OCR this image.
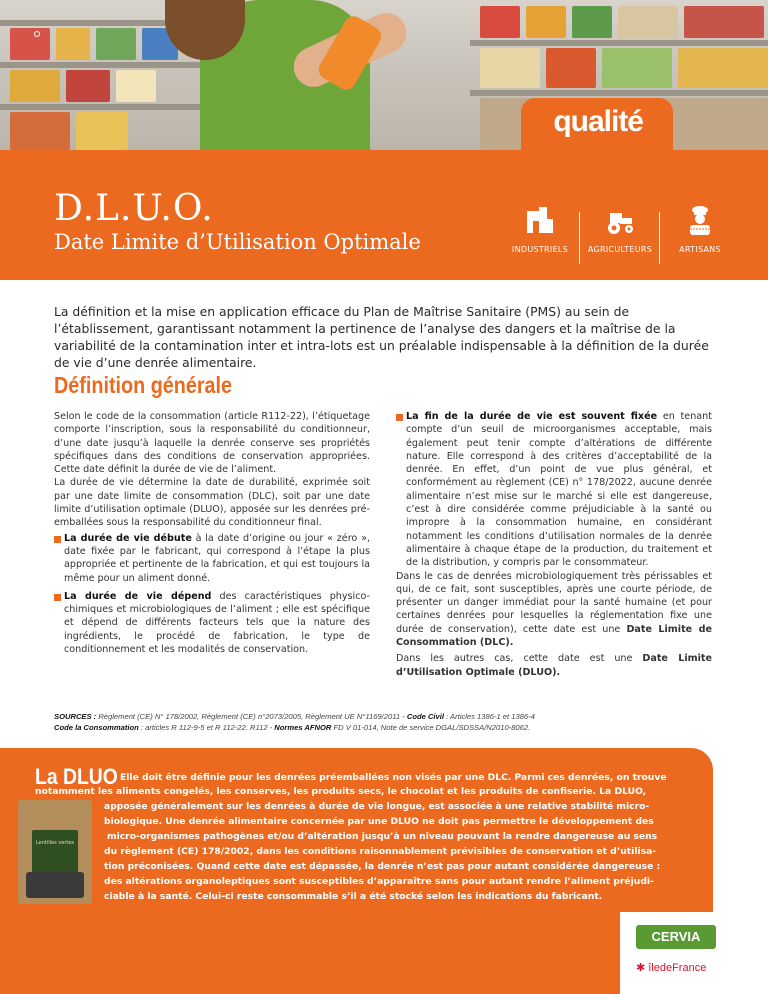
qualité
D.L.U.O.
Date Limite d’Utilisation Optimale	INDUSTRIELS	AGRICULTEURS	ARTISANS

La définition et la mise en application efficace du Plan de Maîtrise Sanitaire (PMS) au sein de l’établissement, garantissant notamment la pertinence de l’analyse des dangers et la maîtrise de la variabilité de la contamination inter et intra-lots est un préalable indispensable à la définition de la durée de vie d’une denrée alimentaire.

Définition générale

Selon le code de la consommation (article R112-22), l’étiquetage comporte l’inscription, sous la responsabilité du conditionneur, d’une date jusqu’à laquelle la denrée conserve ses propriétés spécifiques dans des conditions de conservation appropriées. Cette date définit la durée de vie de l’aliment.

La durée de vie détermine la date de durabilité, exprimée soit par une date limite de consommation (DLC), soit par une date limite d’utilisation optimale (DLUO), apposée sur les denrées pré-emballées sous la responsabilité du conditionneur final.

La durée de vie débute à la date d’origine ou jour « zéro », date fixée par le fabricant, qui correspond à l’étape la plus appropriée et pertinente de la fabrication, et qui est toujours la même pour un aliment donné.

La durée de vie dépend des caractéristiques physico-chimiques et microbiologiques de l’aliment ; elle est spécifique et dépend de différents facteurs tels que la nature des ingrédients, le procédé de fabrication, le type de conditionnement et les modalités de conservation.

La fin de la durée de vie est souvent fixée en tenant compte d’un seuil de microorganismes acceptable, mais également peut tenir compte d’altérations de différente nature. Elle correspond à des critères d’acceptabilité de la denrée. En effet, d’un point de vue plus général, et conformément au règlement (CE) n° 178/2022, aucune denrée alimentaire n’est mise sur le marché si elle est dangereuse, c’est à dire considérée comme préjudiciable à la santé ou impropre à la consommation humaine, en considérant notamment les conditions d’utilisation normales de la denrée alimentaire à chaque étape de la production, du traitement et de la distribution, y compris par le consommateur.

Dans le cas de denrées microbiologiquement très périssables et qui, de ce fait, sont susceptibles, après une courte période, de présenter un danger immédiat pour la santé humaine (et pour certaines denrées pour lesquelles la réglementation fixe une durée de conservation), cette date est une Date Limite de Consommation (DLC).

Dans les autres cas, cette date est une Date Limite d’Utilisation Optimale (DLUO).

SOURCES : Règlement (CE) N° 178/2002, Règlement (CE) n°2073/2005, Règlement UE N°1169/2011 - Code Civil : Articles 1386-1 et 1386-4
Code la Consommation : articles R 112-9-5 et R 112-22. R112 - Normes AFNOR FD V 01-014, Note de service DGAL/SDSSA/N2010-8062.
La DLUO Elle doit être définie pour les denrées préemballées non visés par une DLC. Parmi ces denrées, on trouve
notamment les aliments congelés, les conserves, les produits secs, le chocolat et les produits de confiserie. La DLUO,
apposée généralement sur les denrées à durée de vie longue, est associée à une relative stabilité micro-
biologique. Une denrée alimentaire concernée par une DLUO ne doit pas permettre le développement des
micro-organismes pathogènes et/ou d’altération jusqu’à un niveau pouvant la rendre dangereuse au sens
du règlement (CE) 178/2002, dans les conditions raisonnablement prévisibles de conservation et d’utilisa-
tion préconisées. Quand cette date est dépassée, la denrée n’est pas pour autant considérée dangereuse :
des altérations organoleptiques sont susceptibles d’apparaître sans pour autant rendre l’aliment préjudi-
ciable à la santé. Celui-ci reste consommable s’il a été stocké selon les indications du fabricant.
Lentilles vertes
CERVIA
✱ îledeFrance
